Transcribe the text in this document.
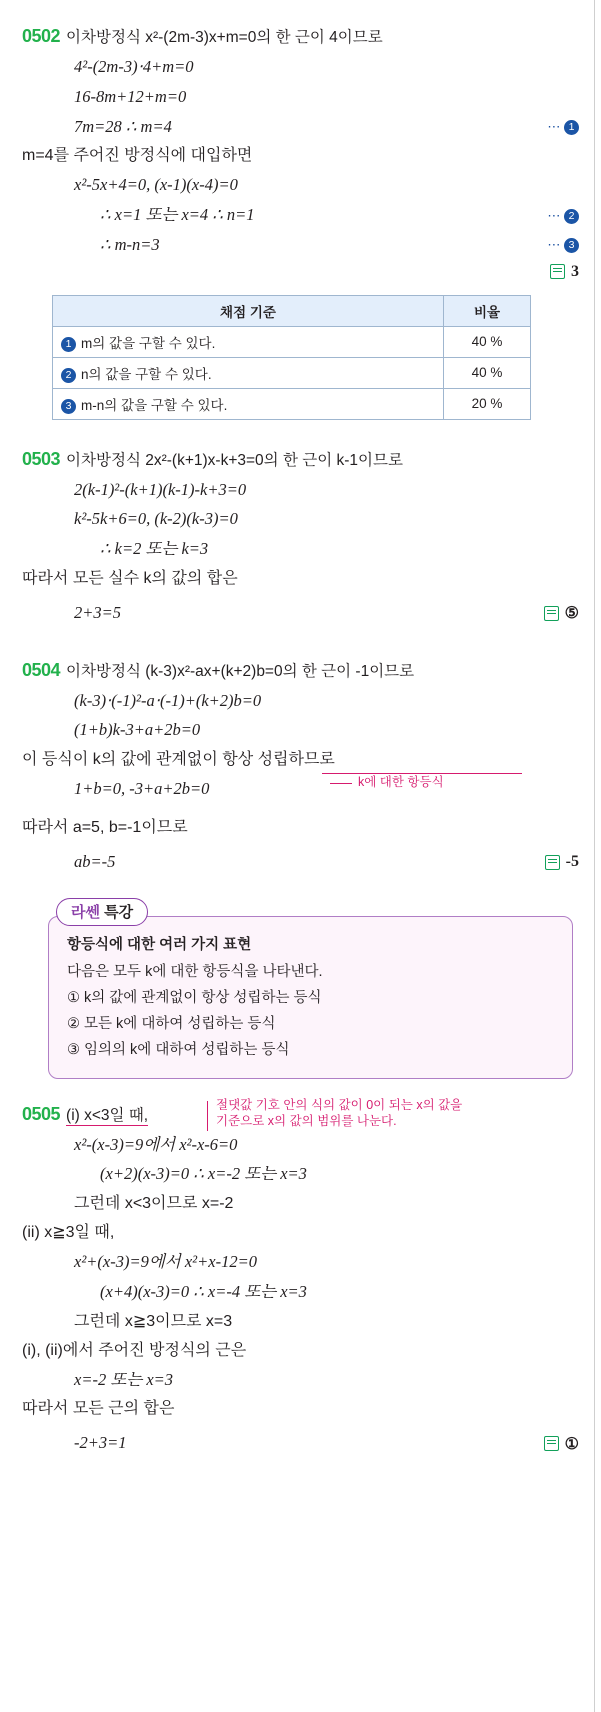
0502 이차방정식 x²-(2m-3)x+m=0의 한 근이 4이므로
4²-(2m-3)⋅4+m=0
16-8m+12+m=0
7m=28 ∴ m=4	⋯ 1
m=4를 주어진 방정식에 대입하면
x²-5x+4=0, (x-1)(x-4)=0
∴ x=1 또는 x=4 ∴ n=1	⋯ 2
∴ m-n=3	⋯ 3
3
채점 기준	비율
1 m의 값을 구할 수 있다.	40 %
2 n의 값을 구할 수 있다.	40 %
3 m-n의 값을 구할 수 있다.	20 %
0503 이차방정식 2x²-(k+1)x-k+3=0의 한 근이 k-1이므로
2(k-1)²-(k+1)(k-1)-k+3=0
k²-5k+6=0, (k-2)(k-3)=0
∴ k=2 또는 k=3
따라서 모든 실수 k의 값의 합은
2+3=5	⑤
0504 이차방정식 (k-3)x²-ax+(k+2)b=0의 한 근이 -1이므로
(k-3)⋅(-1)²-a⋅(-1)+(k+2)b=0
(1+b)k-3+a+2b=0
이 등식이 k의 값에 관계없이 항상 성립하므로
1+b=0, -3+a+2b=0	k에 대한 항등식
따라서 a=5, b=-1이므로
ab=-5	-5
라쎈 특강
항등식에 대한 여러 가지 표현
다음은 모두 k에 대한 항등식을 나타낸다.
① k의 값에 관계없이 항상 성립하는 등식
② 모든 k에 대하여 성립하는 등식
③ 임의의 k에 대하여 성립하는 등식
0505 (i) x<3일 때,
절댓값 기호 안의 식의 값이 0이 되는 x의 값을
기준으로 x의 값의 범위를 나눈다.
x²-(x-3)=9에서 x²-x-6=0
(x+2)(x-3)=0 ∴ x=-2 또는 x=3
그런데 x<3이므로 x=-2
(ii) x≧3일 때,
x²+(x-3)=9에서 x²+x-12=0
(x+4)(x-3)=0 ∴ x=-4 또는 x=3
그런데 x≧3이므로 x=3
(i), (ii)에서 주어진 방정식의 근은
x=-2 또는 x=3
따라서 모든 근의 합은
-2+3=1	①
